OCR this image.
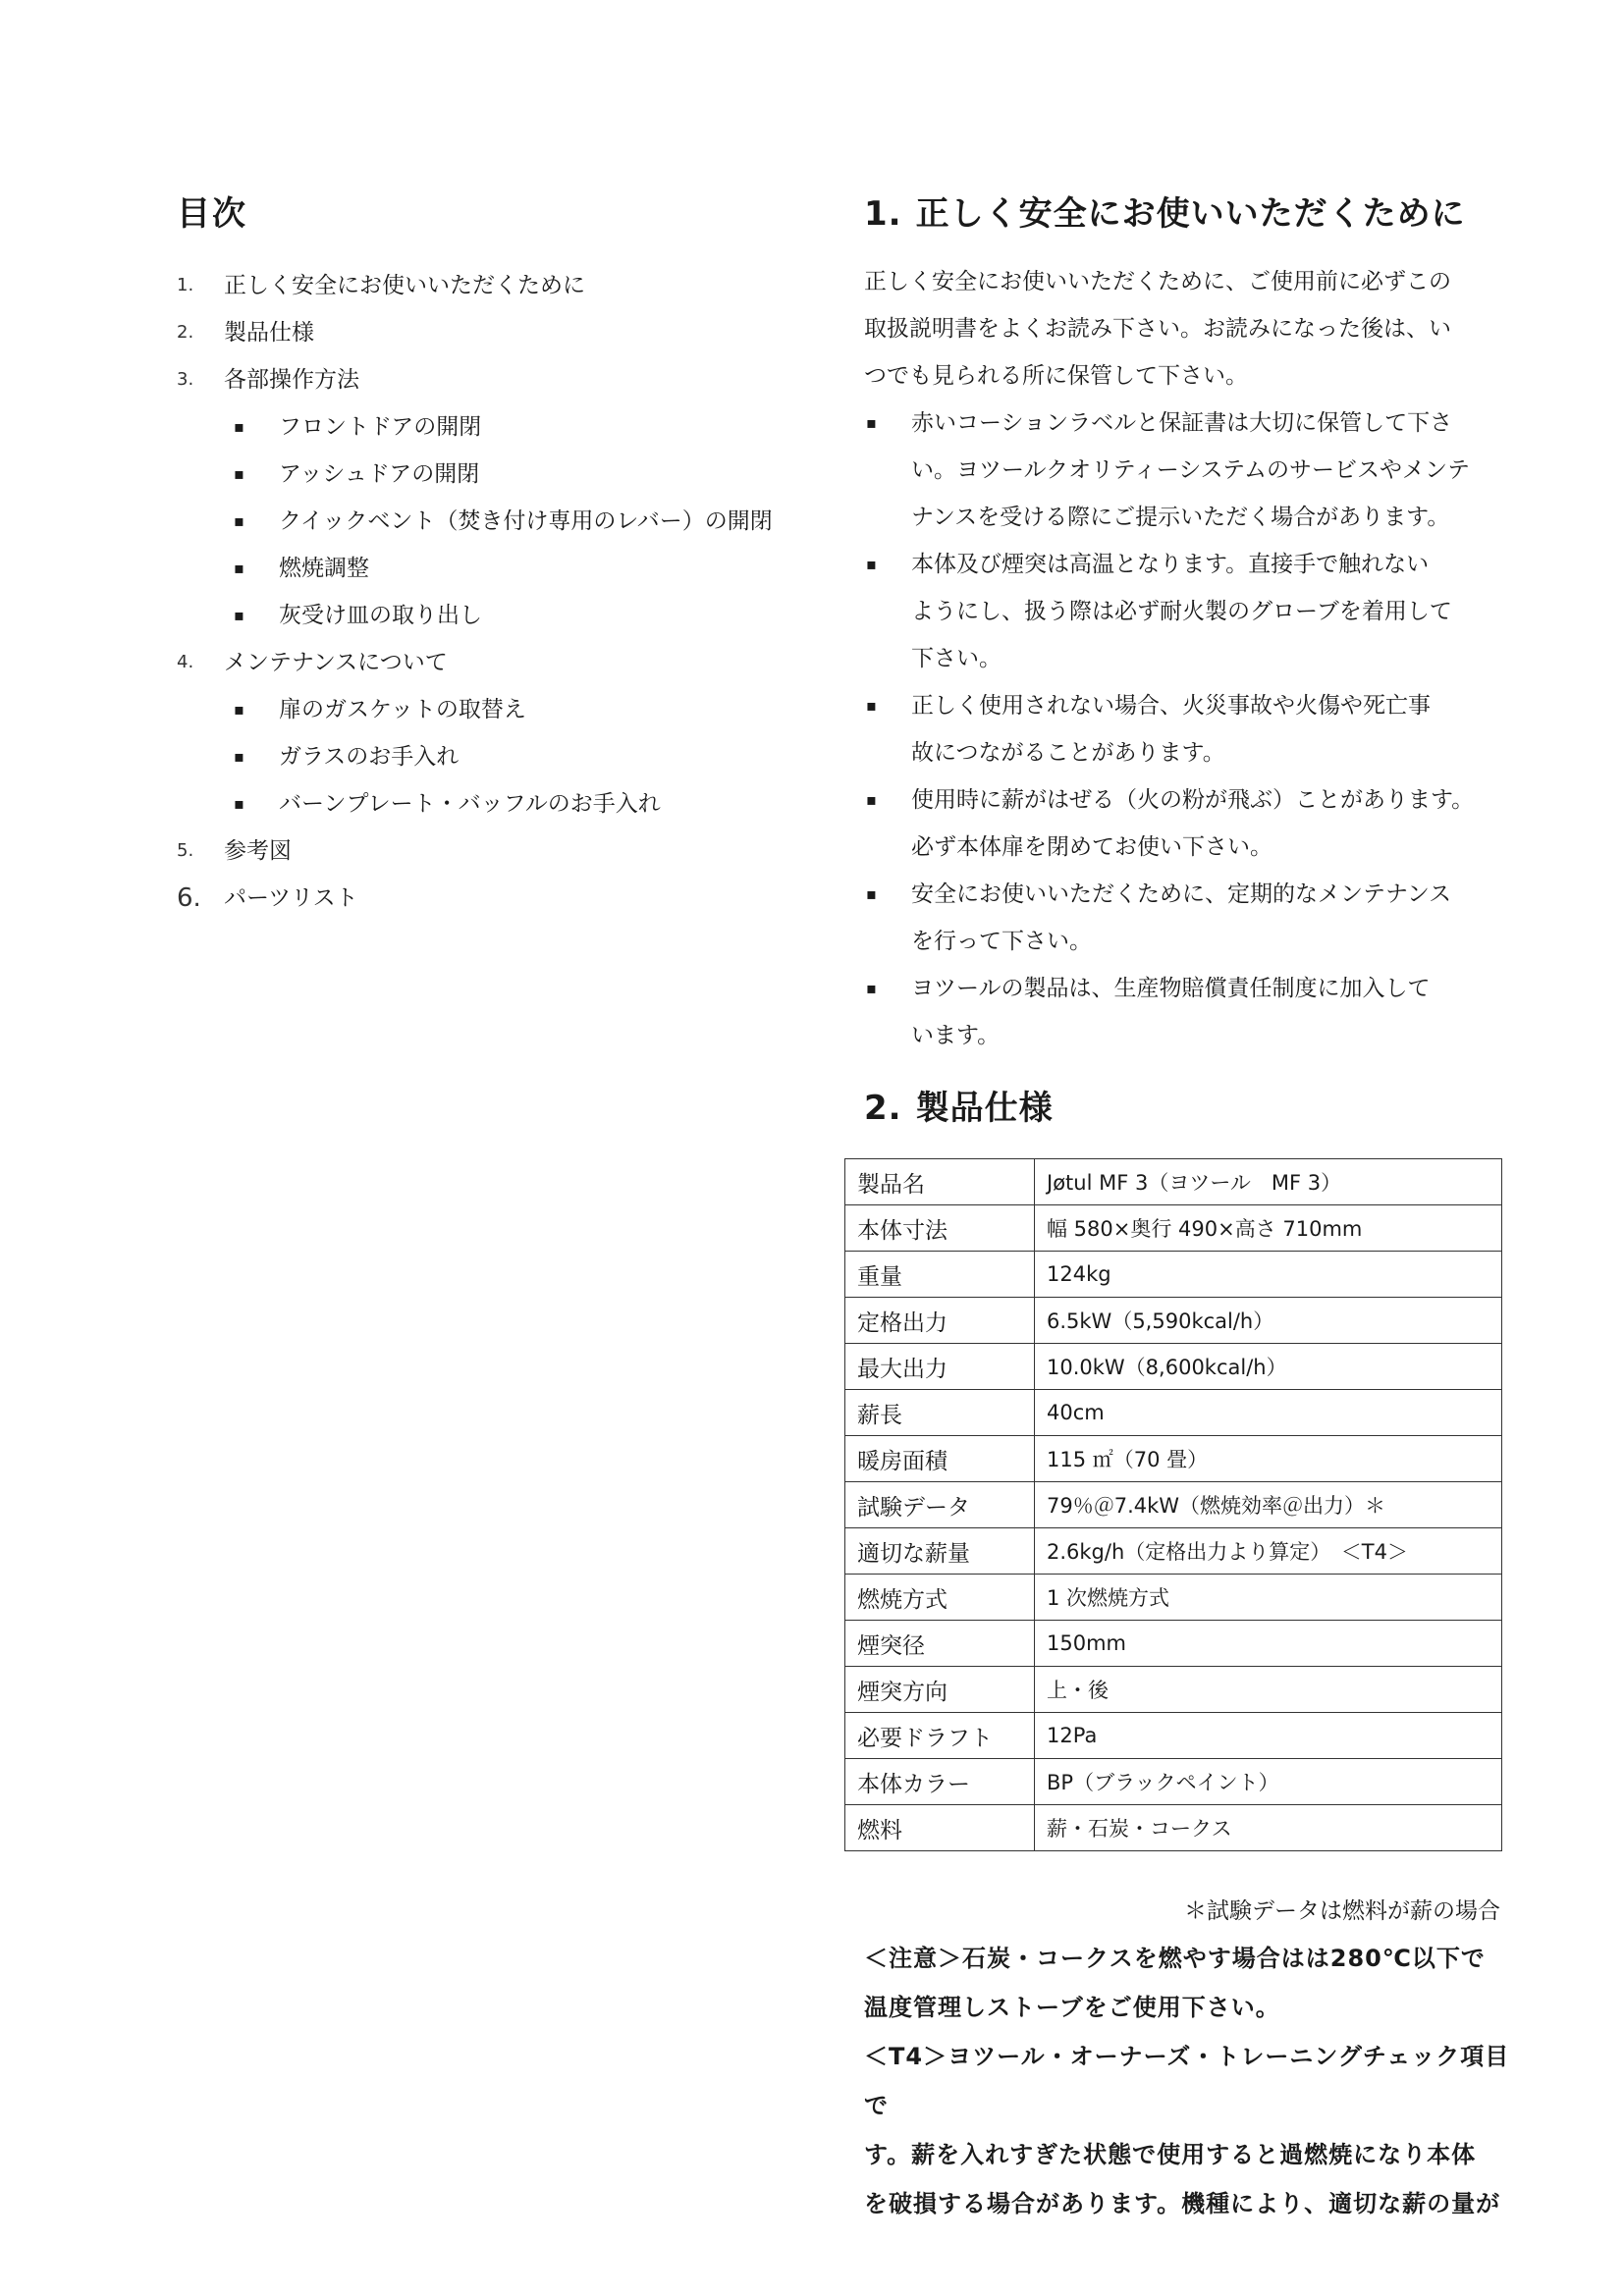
目次
1. 正しく安全にお使いいただくために
2. 製品仕様
3. 各部操作方法
▪ フロントドアの開閉
▪ アッシュドアの開閉
▪ クイックベント（焚き付け専用のレバー）の開閉
▪ 燃焼調整
▪ 灰受け皿の取り出し
4. メンテナンスについて
▪ 扉のガスケットの取替え
▪ ガラスのお手入れ
▪ バーンプレート・バッフルのお手入れ
5. 参考図
6. パーツリスト
1. 正しく安全にお使いいただくために
正しく安全にお使いいただくために、ご使用前に必ずこの
取扱説明書をよくお読み下さい。お読みになった後は、い
つでも見られる所に保管して下さい。
▪ 赤いコーションラベルと保証書は大切に保管して下さ
い。ヨツールクオリティーシステムのサービスやメンテ
ナンスを受ける際にご提示いただく場合があります。
▪ 本体及び煙突は高温となります。直接手で触れない
ようにし、扱う際は必ず耐火製のグローブを着用して
下さい。
▪ 正しく使用されない場合、火災事故や火傷や死亡事
故につながることがあります。
▪ 使用時に薪がはぜる（火の粉が飛ぶ）ことがあります。
必ず本体扉を閉めてお使い下さい。
▪ 安全にお使いいただくために、定期的なメンテナンス
を行って下さい。
▪ ヨツールの製品は、生産物賠償責任制度に加入して
います。
2. 製品仕様
製品名	Jøtul MF 3（ヨツール　MF 3）
本体寸法	幅 580×奥行 490×高さ 710mm
重量	124kg
定格出力	6.5kW（5,590kcal/h）
最大出力	10.0kW（8,600kcal/h）
薪長	40cm
暖房面積	115 ㎡（70 畳）
試験データ	79％＠7.4kW（燃焼効率＠出力）＊
適切な薪量	2.6kg/h（定格出力より算定）　＜T4＞
燃焼方式	1 次燃焼方式
煙突径	150mm
煙突方向	上・後
必要ドラフト	12Pa
本体カラー	BP（ブラックペイント）
燃料	薪・石炭・コークス
＊試験データは燃料が薪の場合
＜注意＞石炭・コークスを燃やす場合はは280℃以下で
温度管理しストーブをご使用下さい。
＜T4＞ヨツール・オーナーズ・トレーニングチェック項目で
す。薪を入れすぎた状態で使用すると過燃焼になり本体
を破損する場合があります。機種により、適切な薪の量が
